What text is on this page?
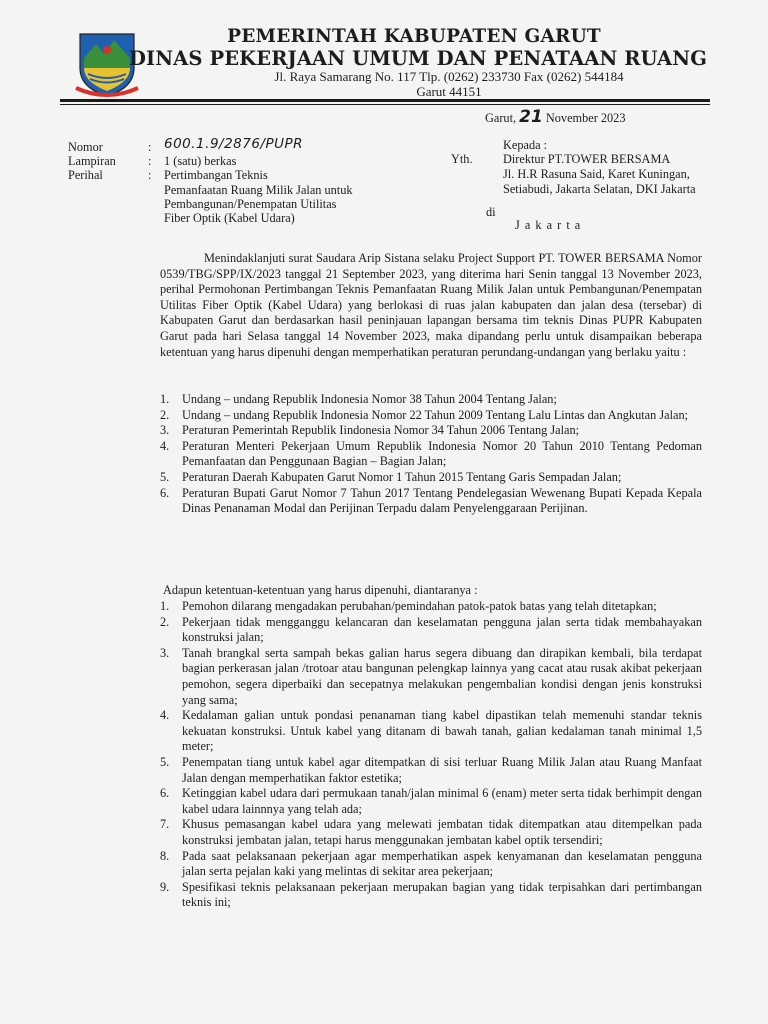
PEMERINTAH KABUPATEN GARUT
DINAS PEKERJAAN UMUM DAN PENATAAN RUANG
Jl. Raya Samarang No. 117 Tlp. (0262) 233730 Fax (0262) 544184
Garut 44151
Garut, 21 November 2023
Nomor	: 600.1.9/2876/PUPR
Lampiran	: 1 (satu) berkas
Perihal	: Pertimbangan Teknis
Pemanfaatan Ruang Milik Jalan untuk
Pembangunan/Penempatan Utilitas
Fiber Optik (Kabel Udara)
Kepada :
Yth. Direktur PT.TOWER BERSAMA
Jl. H.R Rasuna Said, Karet Kuningan,
Setiabudi, Jakarta Selatan, DKI Jakarta
di
J a k a r t a
Menindaklanjuti surat Saudara Arip Sistana selaku Project Support PT. TOWER BERSAMA Nomor 0539/TBG/SPP/IX/2023 tanggal 21 September 2023, yang diterima hari Senin tanggal 13 November 2023, perihal Permohonan Pertimbangan Teknis Pemanfaatan Ruang Milik Jalan untuk Pembangunan/Penempatan Utilitas Fiber Optik (Kabel Udara) yang berlokasi di ruas jalan kabupaten dan jalan desa (tersebar) di Kabupaten Garut dan berdasarkan hasil peninjauan lapangan bersama tim teknis Dinas PUPR Kabupaten Garut pada hari Selasa tanggal 14 November 2023, maka dipandang perlu untuk disampaikan beberapa ketentuan yang harus dipenuhi dengan memperhatikan peraturan perundang-undangan yang berlaku yaitu :
1. Undang – undang Republik Indonesia Nomor 38 Tahun 2004 Tentang Jalan;
2. Undang – undang Republik Indonesia Nomor 22 Tahun 2009 Tentang Lalu Lintas dan Angkutan Jalan;
3. Peraturan Pemerintah Republik Iindonesia Nomor 34 Tahun 2006 Tentang Jalan;
4. Peraturan Menteri Pekerjaan Umum Republik Indonesia Nomor 20 Tahun 2010 Tentang Pedoman Pemanfaatan dan Penggunaan Bagian – Bagian Jalan;
5. Peraturan Daerah Kabupaten Garut Nomor 1 Tahun 2015 Tentang Garis Sempadan Jalan;
6. Peraturan Bupati Garut Nomor 7 Tahun 2017 Tentang Pendelegasian Wewenang Bupati Kepada Kepala Dinas Penanaman Modal dan Perijinan Terpadu dalam Penyelenggaraan Perijinan.
Adapun ketentuan-ketentuan yang harus dipenuhi, diantaranya :
1. Pemohon dilarang mengadakan perubahan/pemindahan patok-patok batas yang telah ditetapkan;
2. Pekerjaan tidak mengganggu kelancaran dan keselamatan pengguna jalan serta tidak membahayakan konstruksi jalan;
3. Tanah brangkal serta sampah bekas galian harus segera dibuang dan dirapikan kembali, bila terdapat bagian perkerasan jalan /trotoar atau bangunan pelengkap lainnya yang cacat atau rusak akibat pekerjaan pemohon, segera diperbaiki dan secepatnya melakukan pengembalian kondisi dengan jenis konstruksi yang sama;
4. Kedalaman galian untuk pondasi penanaman tiang kabel dipastikan telah memenuhi standar teknis kekuatan konstruksi. Untuk kabel yang ditanam di bawah tanah, galian kedalaman tanah minimal 1,5 meter;
5. Penempatan tiang untuk kabel agar ditempatkan di sisi terluar Ruang Milik Jalan atau Ruang Manfaat Jalan dengan memperhatikan faktor estetika;
6. Ketinggian kabel udara dari permukaan tanah/jalan minimal 6 (enam) meter serta tidak berhimpit dengan kabel udara lainnnya yang telah ada;
7. Khusus pemasangan kabel udara yang melewati jembatan tidak ditempatkan atau ditempelkan pada konstruksi jembatan jalan, tetapi harus menggunakan jembatan kabel optik tersendiri;
8. Pada saat pelaksanaan pekerjaan agar memperhatikan aspek kenyamanan dan keselamatan pengguna jalan serta pejalan kaki yang melintas di sekitar area pekerjaan;
9. Spesifikasi teknis pelaksanaan pekerjaan merupakan bagian yang tidak terpisahkan dari pertimbangan teknis ini;
